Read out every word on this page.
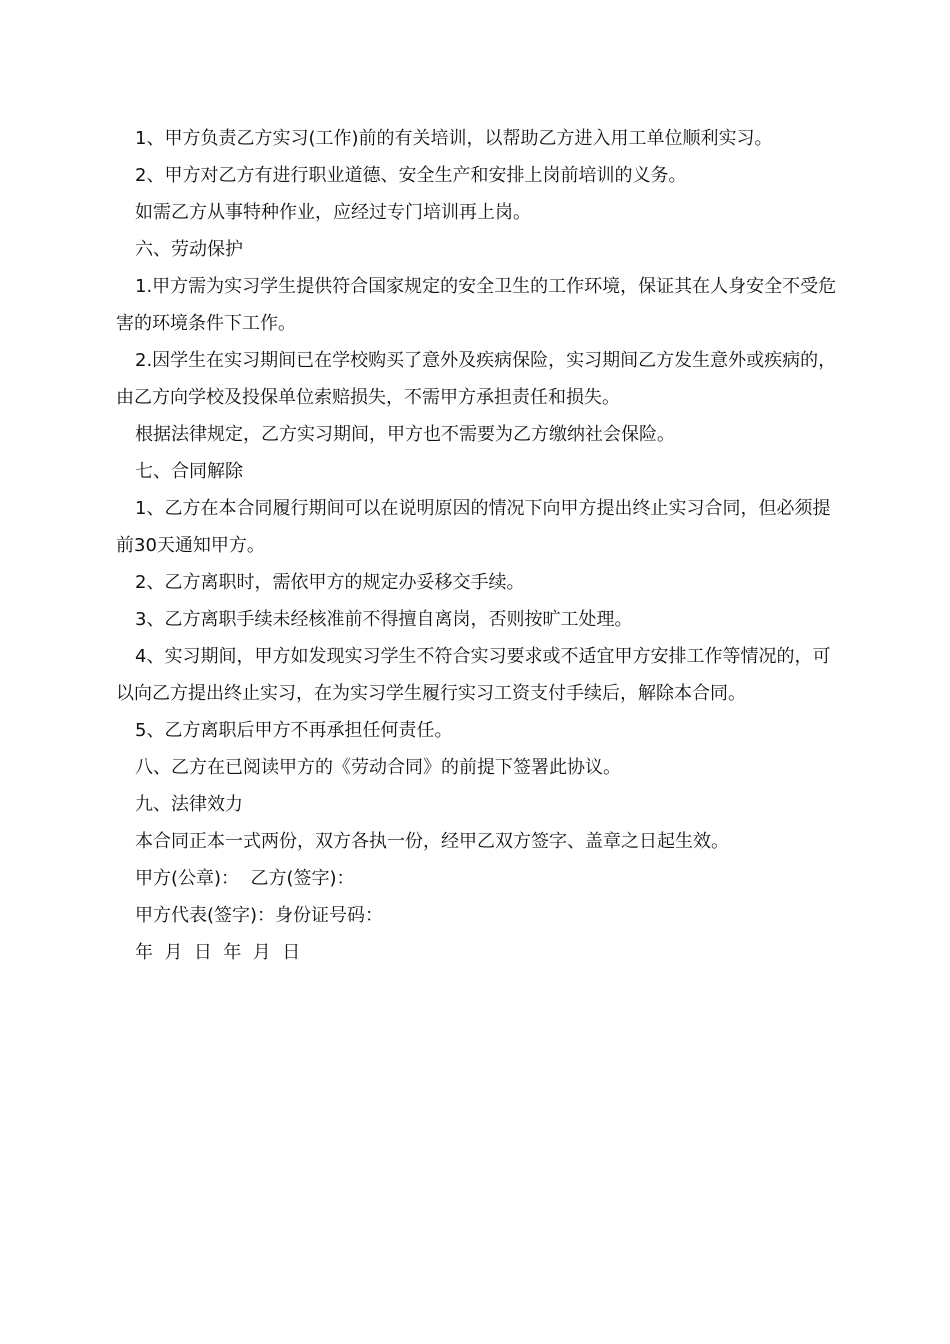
1、甲方负责乙方实习(工作)前的有关培训，以帮助乙方进入用工单位顺利实习。

2、甲方对乙方有进行职业道德、安全生产和安排上岗前培训的义务。

如需乙方从事特种作业，应经过专门培训再上岗。

六、劳动保护

1.甲方需为实习学生提供符合国家规定的安全卫生的工作环境，保证其在人身安全不受危害的环境条件下工作。

2.因学生在实习期间已在学校购买了意外及疾病保险，实习期间乙方发生意外或疾病的，由乙方向学校及投保单位索赔损失，不需甲方承担责任和损失。

根据法律规定，乙方实习期间，甲方也不需要为乙方缴纳社会保险。

七、合同解除

1、乙方在本合同履行期间可以在说明原因的情况下向甲方提出终止实习合同，但必须提前30天通知甲方。

2、乙方离职时，需依甲方的规定办妥移交手续。

3、乙方离职手续未经核准前不得擅自离岗，否则按旷工处理。

4、实习期间，甲方如发现实习学生不符合实习要求或不适宜甲方安排工作等情况的，可以向乙方提出终止实习，在为实习学生履行实习工资支付手续后，解除本合同。

5、乙方离职后甲方不再承担任何责任。

八、乙方在已阅读甲方的《劳动合同》的前提下签署此协议。

九、法律效力

本合同正本一式两份，双方各执一份，经甲乙双方签字、盖章之日起生效。

甲方(公章)：  乙方(签字)：

甲方代表(签字)：身份证号码：

年  月  日  年  月  日
